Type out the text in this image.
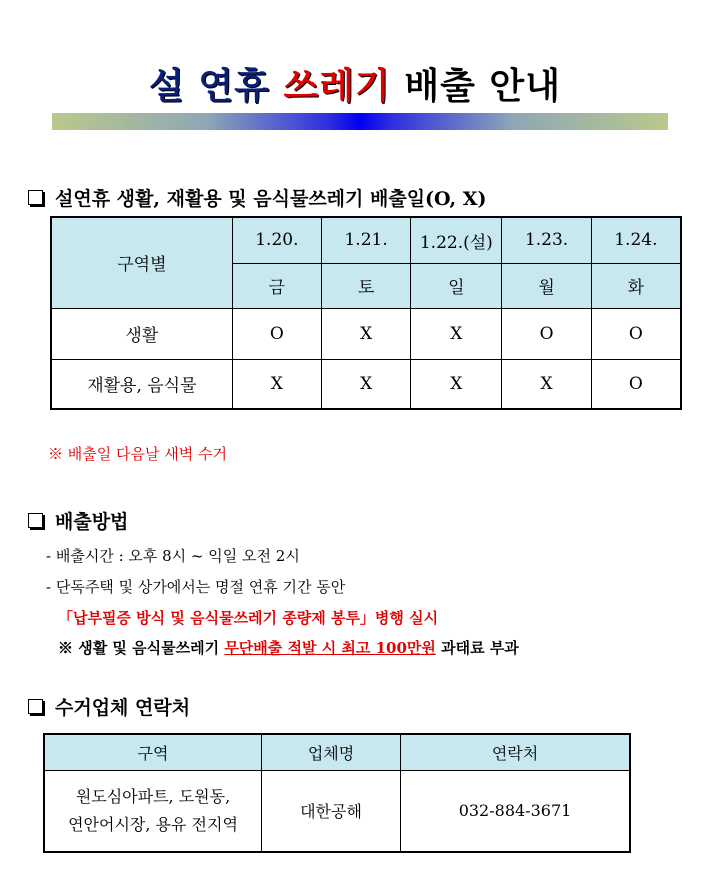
설 연휴 쓰레기 배출 안내
설연휴 생활, 재활용 및 음식물쓰레기 배출일(O, X)
구역별	1.20.	1.21.	1.22.(설)	1.23.	1.24.
	금	토	일	월	화
생활	O	X	X	O	O
재활용, 음식물	X	X	X	X	O
※ 배출일 다음날 새벽 수거
배출방법
- 배출시간 : 오후 8시 ~ 익일 오전 2시
- 단독주택 및 상가에서는 명절 연휴 기간 동안
「납부필증 방식 및 음식물쓰레기 종량제 봉투」병행 실시
※ 생활 및 음식물쓰레기 무단배출 적발 시 최고 100만원 과태료 부과
수거업체 연락처
구역	업체명	연락처

원도심아파트, 도원동,
연안어시장, 용유 전지역	대한공해	032-884-3671
